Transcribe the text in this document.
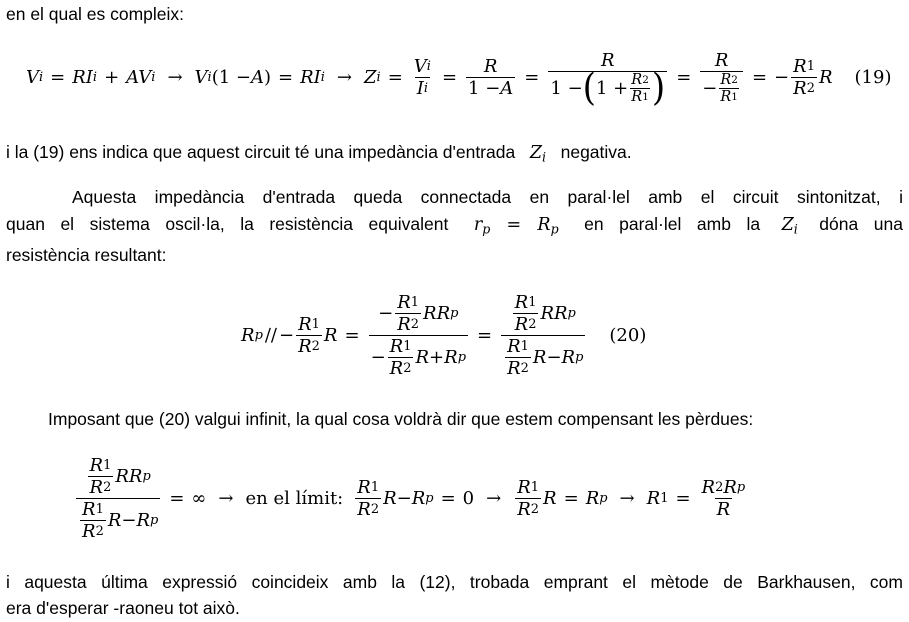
en el qual es compleix:
V i = RI i + AV i → V i (1 − A ) = RI i → Z $i = \frac{\text{V i}}{\text{I i}} = \frac{R}{1 - A} = \frac{R}{1 - ( 1 + \frac{R 2}{R 1} )} = \frac{R}{- \frac{R 2}{R 1}}$ = − $\frac{R 1}{R 2}$ R (19)
i la (19) ens indica que aquest circuit té una impedància d'entrada $Z_i$ negativa.
Aquesta impedància d'entrada queda connectada en paral·lel amb el circuit sintonitzat, i
quan el sistema oscil·la, la resistència equivalent $r_p = R_p$ en paral·lel amb la $Z_i$ dóna una
resistència resultant:
R p ∕∕ −
R 1
R 2
R =
−
R 1
R 2
RR p
−
R 1
R 2
R + R p
=
R 1
R 2
RR p
R 1
R 2
R − R p
(20)
Imposant que (20) valgui infinit, la qual cosa voldrà dir que estem compensant les pèrdues:
R 1
R 2
RR p
R 1
R 2
R − R p
= ∞ → en el límit:
R 1
R 2
R − R p = 0 →
R 1
R 2
R = R p → R $1 = \frac{\text{R 2 R p}}{R}$
i aquesta última expressió coincideix amb la (12), trobada emprant el mètode de Barkhausen, com
era d'esperar -raoneu tot això.
